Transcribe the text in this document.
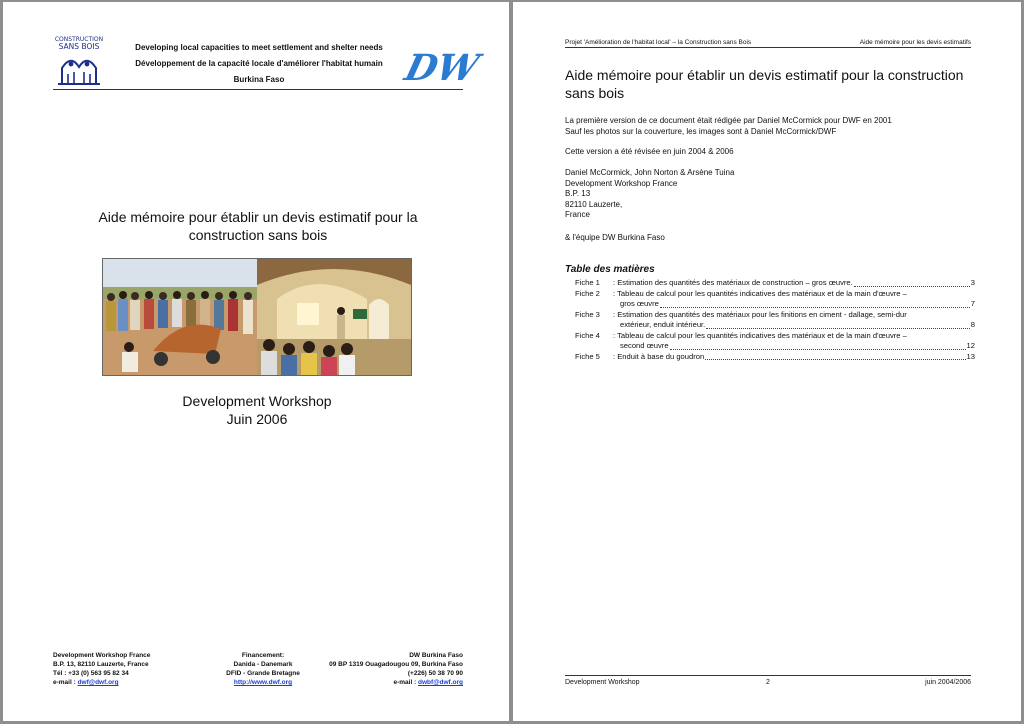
CONSTRUCTION
SANS BOIS	Developing local capacities to meet settlement and shelter needs
Développement de la capacité locale d'améliorer l'habitat humain
Burkina Faso	DW
Aide mémoire pour établir un devis estimatif pour la construction sans bois
Development Workshop
Juin 2006
Development Workshop France
B.P. 13, 82110 Lauzerte, France
Tél : +33 (0) 563 95 82 34
e-mail : dwf@dwf.org
Financement:
Danida - Danemark
DFID - Grande Bretagne
http://www.dwf.org
DW Burkina Faso
09 BP 1319 Ouagadougou 09, Burkina Faso
(+226) 50 38 70 90
e-mail : dwbf@dwf.org
Projet 'Amélioration de l'habitat local' – la Construction sans Bois	Aide mémoire pour les devis estimatifs
Aide mémoire pour établir un devis estimatif pour la construction sans bois
La première version de ce document était rédigée par Daniel McCormick pour DWF en 2001
Sauf les photos sur la couverture, les images sont à Daniel McCormick/DWF
Cette version a été révisée en juin 2004 & 2006
Daniel McCormick, John Norton & Arsène Tuina
Development Workshop France
B.P. 13
82110 Lauzerte,
France
& l'équipe DW Burkina Faso
Table des matières
Fiche 1	: Estimation des quantités des matériaux de construction – gros œuvre.	3
Fiche 2	: Tableau de calcul pour les quantités indicatives des matériaux et de la main d'œuvre –
gros œuvre	7
Fiche 3	: Estimation des quantités des matériaux pour les finitions en ciment - dallage, semi-dur
extérieur, enduit intérieur.	8
Fiche 4	: Tableau de calcul pour les quantités indicatives des matériaux et de la main d'œuvre –
second œuvre	12
Fiche 5	: Enduit à base du goudron	13
Development Workshop	2	juin 2004/2006
